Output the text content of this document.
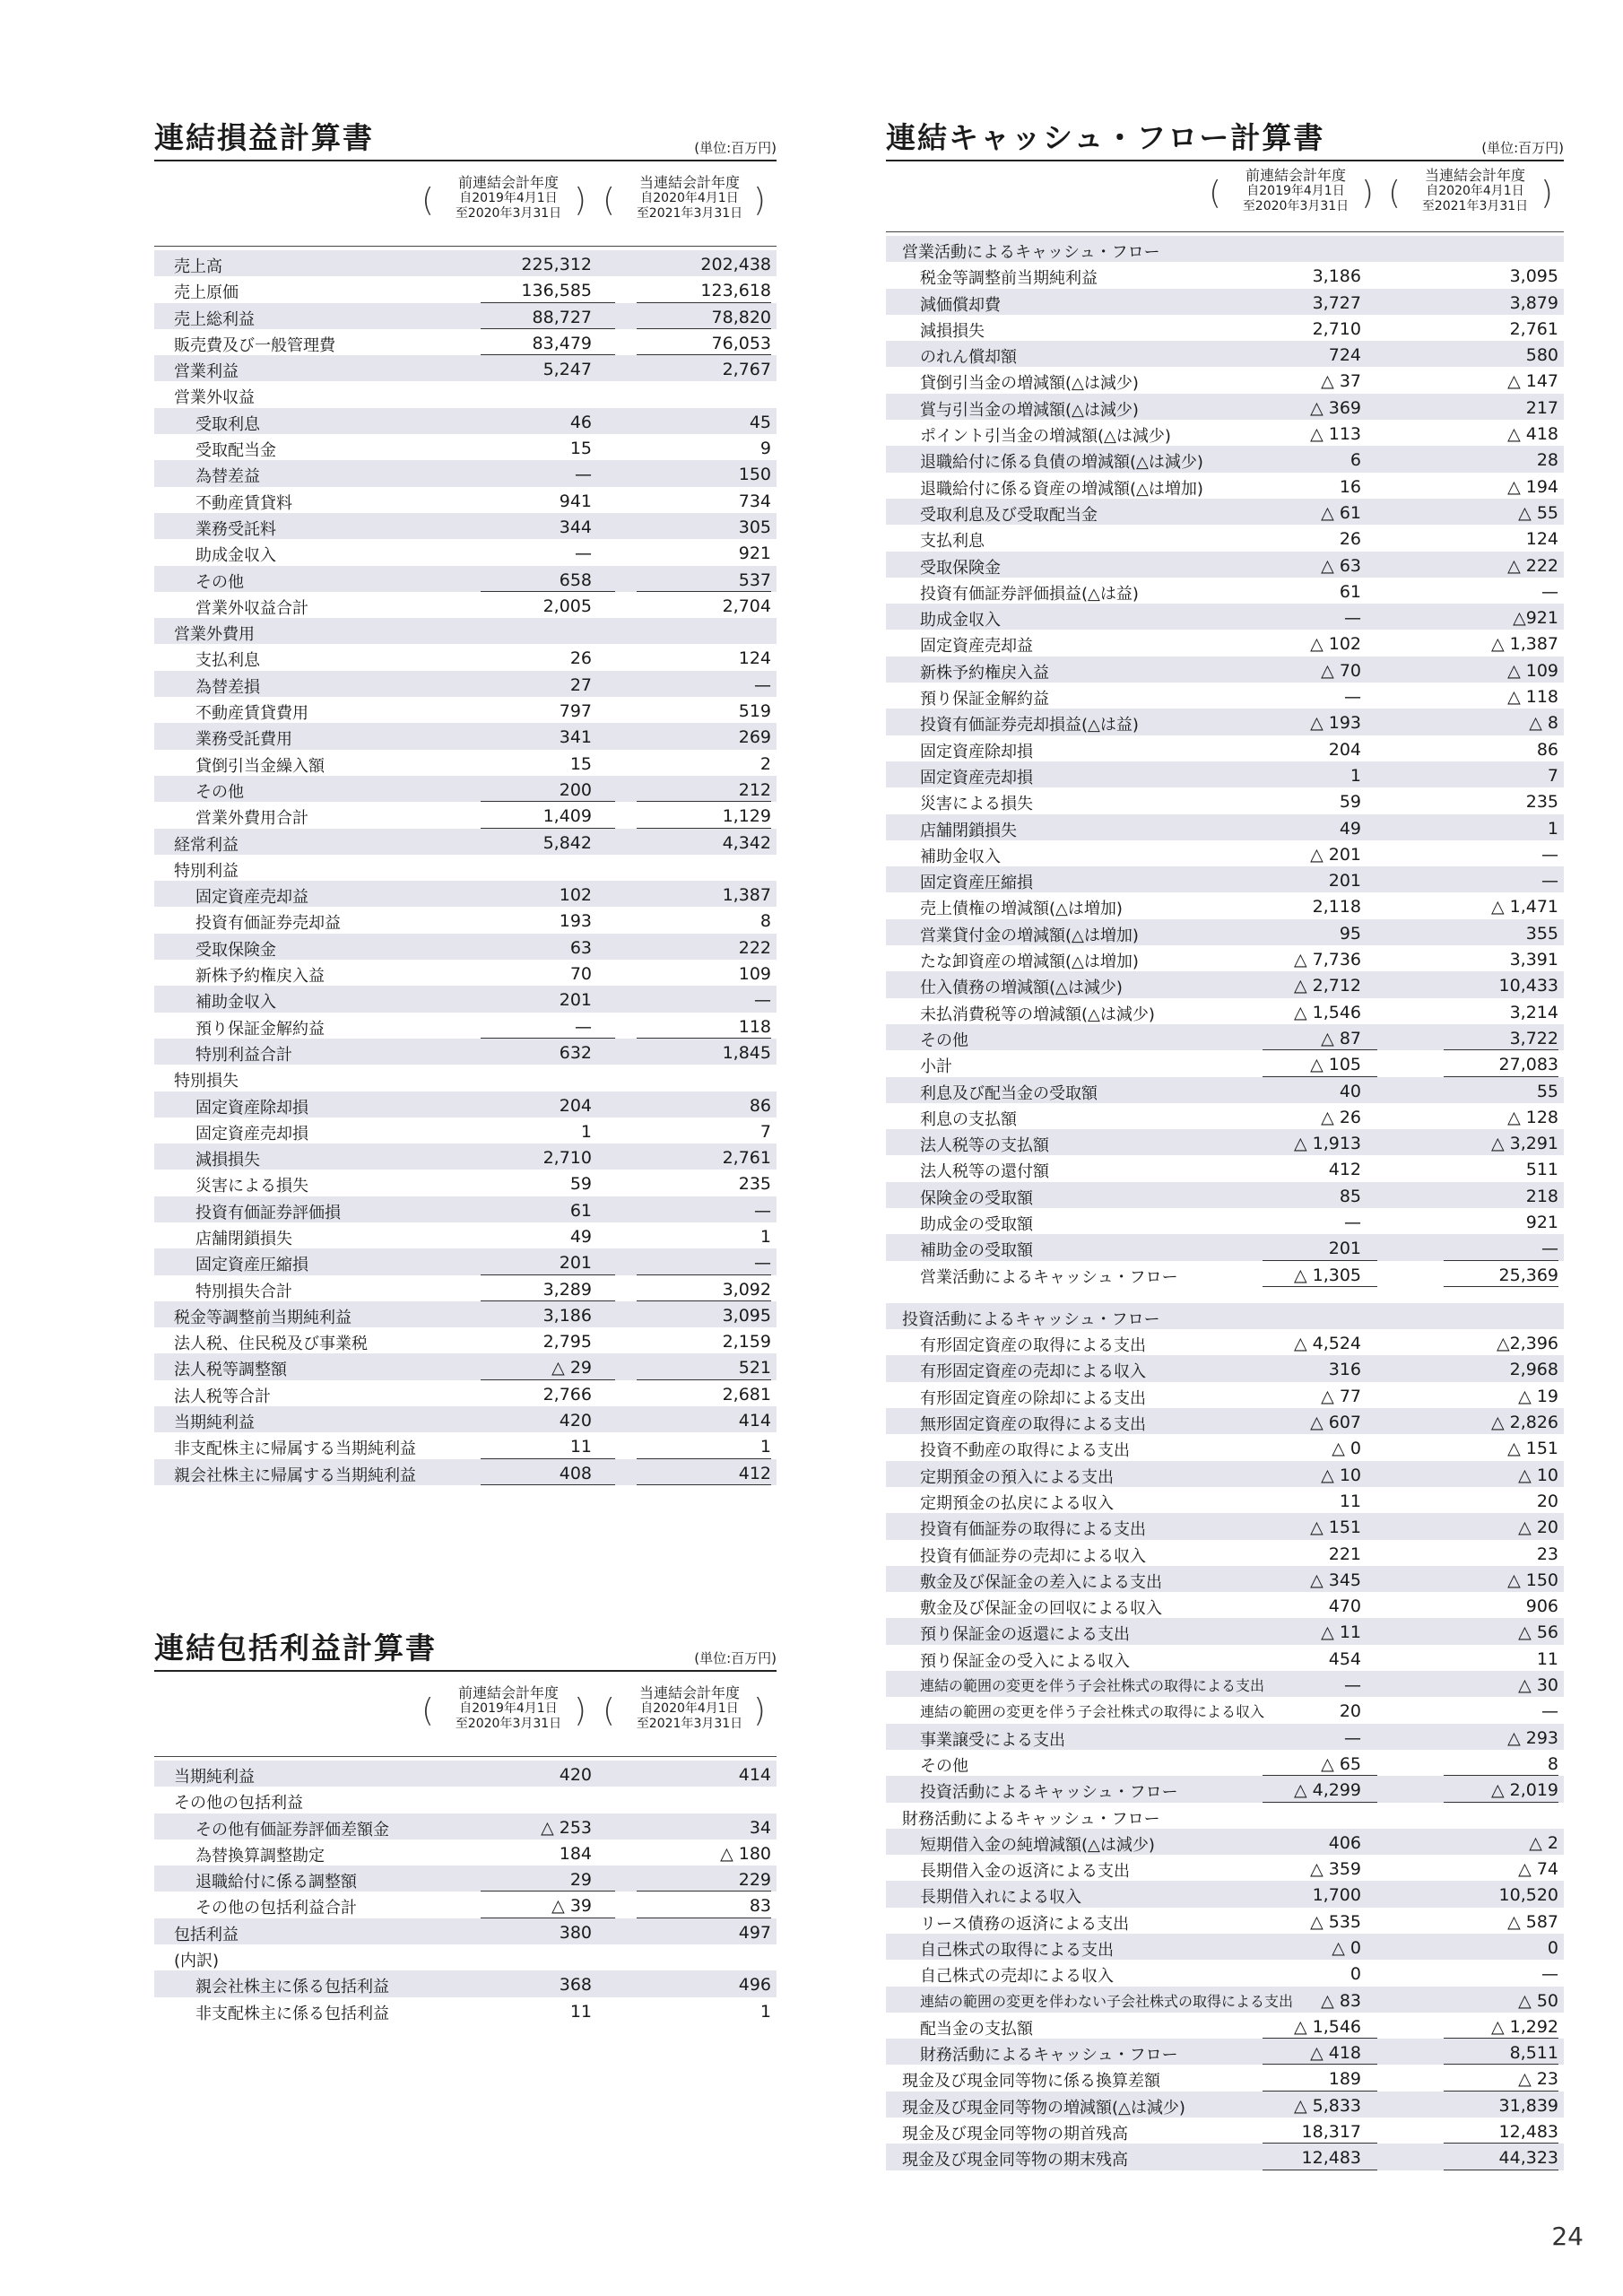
連結損益計算書	(単位:百万円)
前連結会計年度
自2019年4月1日
至2020年3月31日
(	)	当連結会計年度
自2020年4月1日
至2021年3月31日
(	)
売上高	225,312	202,438
売上原価	136,585	123,618
売上総利益	88,727	78,820
販売費及び一般管理費	83,479	76,053
営業利益	5,247	2,767
営業外収益
受取利息	46	45
受取配当金	15	9
為替差益	—	150
不動産賃貸料	941	734
業務受託料	344	305
助成金収入	—	921
その他	658	537
営業外収益合計	2,005	2,704
営業外費用
支払利息	26	124
為替差損	27	—
不動産賃貸費用	797	519
業務受託費用	341	269
貸倒引当金繰入額	15	2
その他	200	212
営業外費用合計	1,409	1,129
経常利益	5,842	4,342
特別利益
固定資産売却益	102	1,387
投資有価証券売却益	193	8
受取保険金	63	222
新株予約権戻入益	70	109
補助金収入	201	—
預り保証金解約益	—	118
特別利益合計	632	1,845
特別損失
固定資産除却損	204	86
固定資産売却損	1	7
減損損失	2,710	2,761
災害による損失	59	235
投資有価証券評価損	61	—
店舗閉鎖損失	49	1
固定資産圧縮損	201	—
特別損失合計	3,289	3,092
税金等調整前当期純利益	3,186	3,095
法人税、住民税及び事業税	2,795	2,159
法人税等調整額	△ 29	521
法人税等合計	2,766	2,681
当期純利益	420	414
非支配株主に帰属する当期純利益	11	1
親会社株主に帰属する当期純利益	408	412
連結包括利益計算書	(単位:百万円)
前連結会計年度
自2019年4月1日
至2020年3月31日
(	)	当連結会計年度
自2020年4月1日
至2021年3月31日
(	)
当期純利益	420	414
その他の包括利益
その他有価証券評価差額金	△ 253	34
為替換算調整勘定	184	△ 180
退職給付に係る調整額	29	229
その他の包括利益合計	△ 39	83
包括利益	380	497
(内訳)
親会社株主に係る包括利益	368	496
非支配株主に係る包括利益	11	1
連結キャッシュ・フロー計算書	(単位:百万円)
前連結会計年度
自2019年4月1日
至2020年3月31日
(	)	当連結会計年度
自2020年4月1日
至2021年3月31日
(	)
営業活動によるキャッシュ・フロー
税金等調整前当期純利益	3,186	3,095
減価償却費	3,727	3,879
減損損失	2,710	2,761
のれん償却額	724	580
貸倒引当金の増減額(△は減少)	△ 37	△ 147
賞与引当金の増減額(△は減少)	△ 369	217
ポイント引当金の増減額(△は減少)	△ 113	△ 418
退職給付に係る負債の増減額(△は減少)	6	28
退職給付に係る資産の増減額(△は増加)	16	△ 194
受取利息及び受取配当金	△ 61	△ 55
支払利息	26	124
受取保険金	△ 63	△ 222
投資有価証券評価損益(△は益)	61	—
助成金収入	—	△921
固定資産売却益	△ 102	△ 1,387
新株予約権戻入益	△ 70	△ 109
預り保証金解約益	—	△ 118
投資有価証券売却損益(△は益)	△ 193	△ 8
固定資産除却損	204	86
固定資産売却損	1	7
災害による損失	59	235
店舗閉鎖損失	49	1
補助金収入	△ 201	—
固定資産圧縮損	201	—
売上債権の増減額(△は増加)	2,118	△ 1,471
営業貸付金の増減額(△は増加)	95	355
たな卸資産の増減額(△は増加)	△ 7,736	3,391
仕入債務の増減額(△は減少)	△ 2,712	10,433
未払消費税等の増減額(△は減少)	△ 1,546	3,214
その他	△ 87	3,722
小計	△ 105	27,083
利息及び配当金の受取額	40	55
利息の支払額	△ 26	△ 128
法人税等の支払額	△ 1,913	△ 3,291
法人税等の還付額	412	511
保険金の受取額	85	218
助成金の受取額	—	921
補助金の受取額	201	—
営業活動によるキャッシュ・フロー	△ 1,305	25,369
投資活動によるキャッシュ・フロー
有形固定資産の取得による支出	△ 4,524	△2,396
有形固定資産の売却による収入	316	2,968
有形固定資産の除却による支出	△ 77	△ 19
無形固定資産の取得による支出	△ 607	△ 2,826
投資不動産の取得による支出	△ 0	△ 151
定期預金の預入による支出	△ 10	△ 10
定期預金の払戻による収入	11	20
投資有価証券の取得による支出	△ 151	△ 20
投資有価証券の売却による収入	221	23
敷金及び保証金の差入による支出	△ 345	△ 150
敷金及び保証金の回収による収入	470	906
預り保証金の返還による支出	△ 11	△ 56
預り保証金の受入による収入	454	11
連結の範囲の変更を伴う子会社株式の取得による支出	—	△ 30
連結の範囲の変更を伴う子会社株式の取得による収入	20	—
事業譲受による支出	—	△ 293
その他	△ 65	8
投資活動によるキャッシュ・フロー	△ 4,299	△ 2,019
財務活動によるキャッシュ・フロー
短期借入金の純増減額(△は減少)	406	△ 2
長期借入金の返済による支出	△ 359	△ 74
長期借入れによる収入	1,700	10,520
リース債務の返済による支出	△ 535	△ 587
自己株式の取得による支出	△ 0	0
自己株式の売却による収入	0	—
連結の範囲の変更を伴わない子会社株式の取得による支出	△ 83	△ 50
配当金の支払額	△ 1,546	△ 1,292
財務活動によるキャッシュ・フロー	△ 418	8,511
現金及び現金同等物に係る換算差額	189	△ 23
現金及び現金同等物の増減額(△は減少)	△ 5,833	31,839
現金及び現金同等物の期首残高	18,317	12,483
現金及び現金同等物の期末残高	12,483	44,323
24
